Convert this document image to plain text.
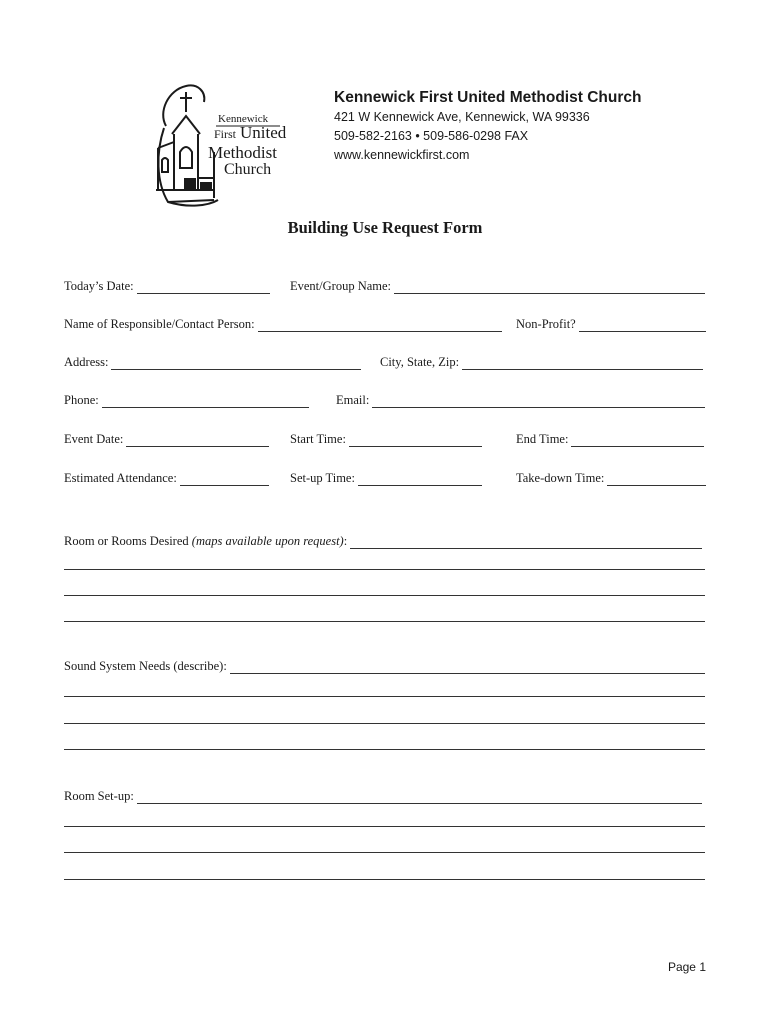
Kennewick
First United
Methodist
Church
Kennewick First United Methodist Church
421 W Kennewick Ave, Kennewick, WA 99336
509-582-2163 • 509-586-0298 FAX
www.kennewickfirst.com
Building Use Request Form
Today’s Date:	Event/Group Name:
Name of Responsible/Contact Person:	Non-Profit?
Address:	City, State, Zip:
Phone:	Email:
Event Date:	Start Time:	End Time:
Estimated Attendance:	Set-up Time:	Take-down Time:
Room or Rooms Desired (maps available upon request):
Sound System Needs (describe):
Room Set-up:
Page 1
